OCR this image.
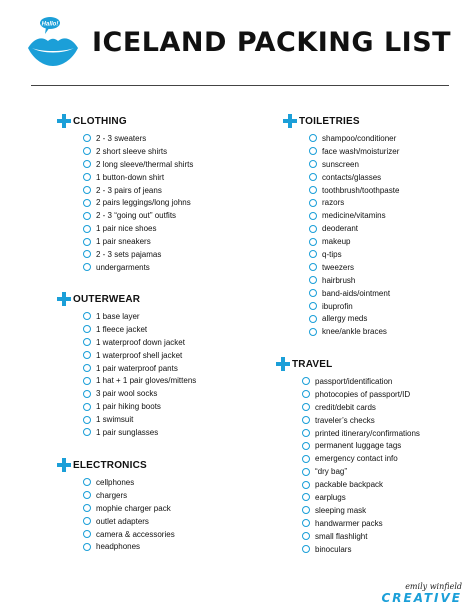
Hallo!
ICELAND PACKING LIST
CLOTHING
2 - 3 sweaters
2 short sleeve shirts
2 long sleeve/thermal shirts
1 button-down shirt
2 - 3 pairs of jeans
2 pairs leggings/long johns
2 - 3 “going out” outfits
1 pair nice shoes
1 pair sneakers
2 - 3 sets pajamas
undergarments
OUTERWEAR
1 base layer
1 fleece jacket
1 waterproof down jacket
1 waterproof shell jacket
1 pair waterproof pants
1 hat + 1 pair gloves/mittens
3 pair wool socks
1 pair hiking boots
1 swimsuit
1 pair sunglasses
ELECTRONICS
cellphones
chargers
mophie charger pack
outlet adapters
camera & accessories
headphones
TOILETRIES
shampoo/conditioner
face wash/moisturizer
sunscreen
contacts/glasses
toothbrush/toothpaste
razors
medicine/vitamins
deoderant
makeup
q-tips
tweezers
hairbrush
band-aids/ointment
ibuprofin
allergy meds
knee/ankle braces
TRAVEL
passport/identification
photocopies of passport/ID
credit/debit cards
traveler’s checks
printed itinerary/confirmations
permanent luggage tags
emergency contact info
“dry bag”
packable backpack
earplugs
sleeping mask
handwarmer packs
small flashlight
binoculars
emily winfield
CREATIVE
